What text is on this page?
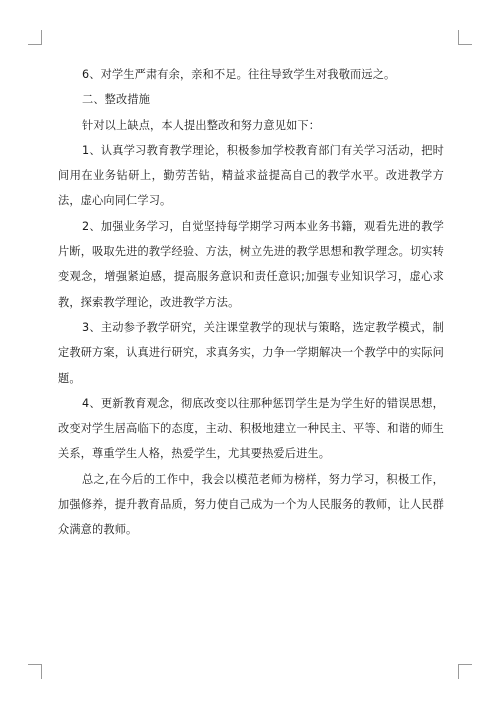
6、对学生严肃有余，亲和不足。往往导致学生对我敬而远之。

二、整改措施

针对以上缺点，本人提出整改和努力意见如下：

1、认真学习教育教学理论，积极参加学校教育部门有关学习活动，把时间用在业务钻研上，勤劳苦钻，精益求益提高自己的教学水平。改进教学方法，虚心向同仁学习。

2、加强业务学习，自觉坚持每学期学习两本业务书籍，观看先进的教学片断，吸取先进的教学经验、方法，树立先进的教学思想和教学理念。切实转变观念，增强紧迫感，提高服务意识和责任意识;加强专业知识学习，虚心求教，探索教学理论，改进教学方法。

3、主动参予教学研究，关注课堂教学的现状与策略，选定教学模式，制定教研方案，认真进行研究，求真务实，力争一学期解决一个教学中的实际问题。

4、更新教育观念，彻底改变以往那种惩罚学生是为学生好的错误思想，改变对学生居高临下的态度，主动、积极地建立一种民主、平等、和谐的师生关系，尊重学生人格，热爱学生，尤其要热爱后进生。

总之,在今后的工作中，我会以模范老师为榜样，努力学习，积极工作，加强修养，提升教育品质，努力使自己成为一个为人民服务的教师，让人民群众满意的教师。
